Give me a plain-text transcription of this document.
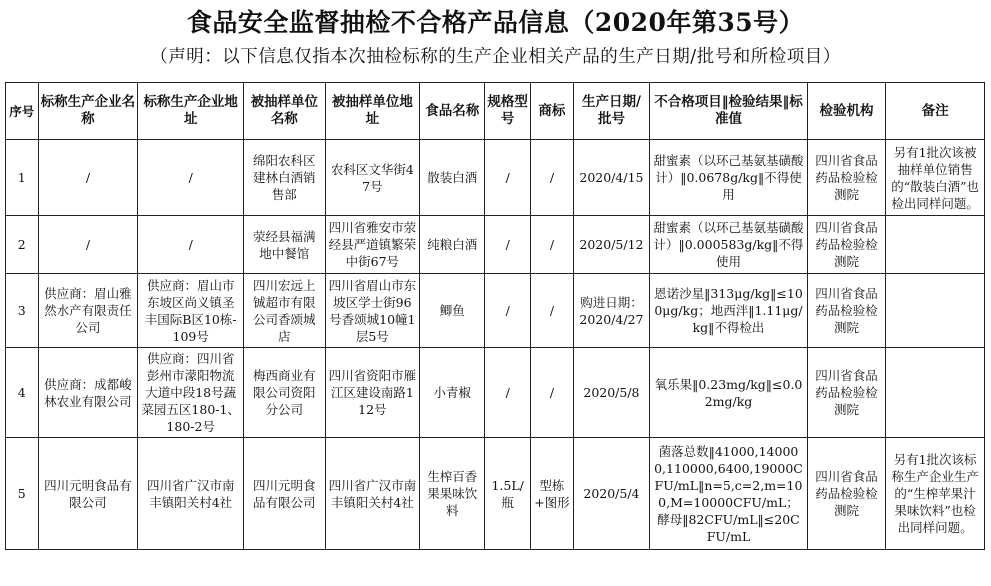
食品安全监督抽检不合格产品信息（2020年第35号）
（声明：以下信息仅指本次抽检标称的生产企业相关产品的生产日期/批号和所检项目）
序号	标称生产企业名称	标称生产企业地址	被抽样单位名称	被抽样单位地址	食品名称	规格型号	商标	生产日期/批号	不合格项目‖检验结果‖标准值	检验机构	备注
1	/	/	绵阳农科区建林白酒销售部	农科区文华街47号	散装白酒	/	/	2020/4/15	甜蜜素（以环己基氨基磺酸计）‖0.0678g/kg‖不得使用	四川省食品药品检验检测院	另有1批次该被抽样单位销售的“散装白酒”也检出同样问题。
2	/	/	荥经县福满地中餐馆	四川省雅安市荥经县严道镇繁荣中街67号	纯粮白酒	/	/	2020/5/12	甜蜜素（以环己基氨基磺酸计）‖0.000583g/kg‖不得使用	四川省食品药品检验检测院	
3	供应商：眉山雅然水产有限责任公司	供应商：眉山市东坡区尚义镇圣丰国际B区10栋-109号	四川宏远上铖超市有限公司香颂城店	四川省眉山市东坡区学士街96号香颂城10幢1层5号	鲫鱼	/	/	购进日期：2020/4/27	恩诺沙星‖313μg/kg‖≤100μg/kg；地西泮‖1.11μg/kg‖不得检出	四川省食品药品检验检测院	
4	供应商：成都峻林农业有限公司	供应商：四川省彭州市濛阳物流大道中段18号蔬菜园五区180-1、180-2号	梅西商业有限公司资阳分公司	四川省资阳市雁江区建设南路112号	小青椒	/	/	2020/5/8	氧乐果‖0.23mg/kg‖≤0.02mg/kg	四川省食品药品检验检测院	
5	四川元明食品有限公司	四川省广汉市南丰镇阳关村4社	四川元明食品有限公司	四川省广汉市南丰镇阳关村4社	生榨百香果果味饮料	1.5L/瓶	型栋+图形	2020/5/4	菌落总数‖41000,140000,110000,6400,19000CFU/mL‖n=5,c=2,m=100,M=10000CFU/mL；酵母‖82CFU/mL‖≤20CFU/mL	四川省食品药品检验检测院	另有1批次该标称生产企业生产的“生榨苹果汁果味饮料”也检出同样问题。
